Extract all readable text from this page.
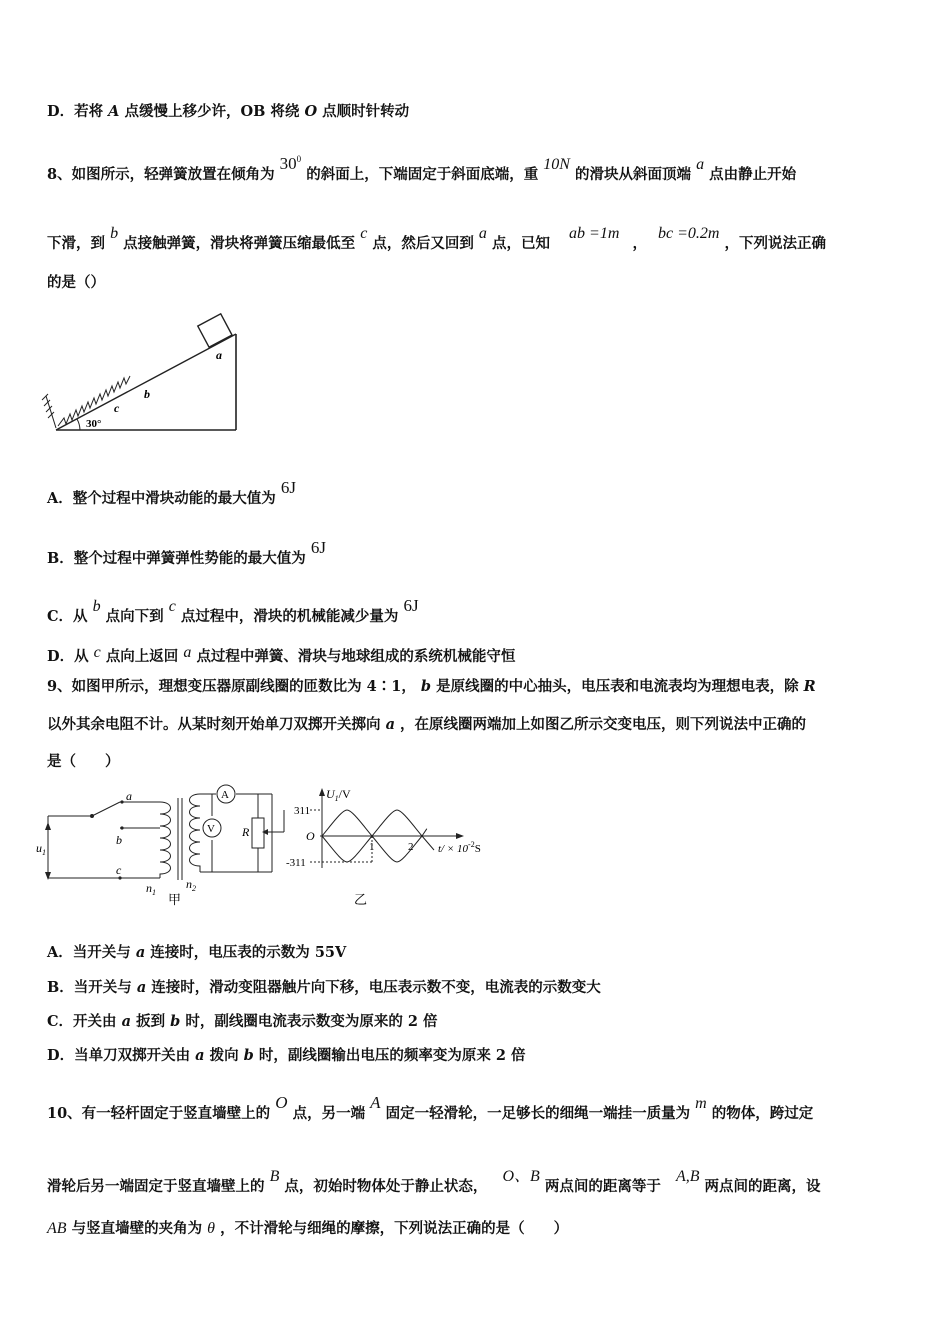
D．若将 A 点缓慢上移少许，OB 将绕 O 点顺时针转动
8、如图所示，轻弹簧放置在倾角为 $30^0$ 的斜面上，下端固定于斜面底端，重 10N 的滑块从斜面顶端 a 点由静止开始
下滑，到 b 点接触弹簧，滑块将弹簧压缩最低至 c 点，然后又回到 a 点，已知 ab =1m ， bc =0.2m ，下列说法正确
的是（）
a
b
c
30°
A．整个过程中滑块动能的最大值为 6J
B．整个过程中弹簧弹性势能的最大值为 6J
C．从 b 点向下到 c 点过程中，滑块的机械能减少量为 6J
D．从 c 点向上返回 a 点过程中弹簧、滑块与地球组成的系统机械能守恒
9、如图甲所示，理想变压器原副线圈的匝数比为 4∶1， b 是原线圈的中心抽头，电压表和电流表均为理想电表，除 R
以外其余电阻不计。从某时刻开始单刀双掷开关掷向 a ，在原线圈两端加上如图乙所示交变电压，则下列说法中正确的
是（　　）
a
b
c
$u_1$
$n_1$
$n_2$
A
V R
甲
$U_1/V$
311
O
-311
1	2 $t/ \times 10^{-2}S$
乙
A．当开关与 a 连接时，电压表的示数为 55V
B．当开关与 a 连接时，滑动变阻器触片向下移，电压表示数不变，电流表的示数变大
C．开关由 a 扳到 b 时，副线圈电流表示数变为原来的 2 倍
D．当单刀双掷开关由 a 拨向 b 时，副线圈输出电压的频率变为原来 2 倍
10、有一轻杆固定于竖直墙壁上的 O 点，另一端 A 固定一轻滑轮，一足够长的细绳一端挂一质量为 m 的物体，跨过定
滑轮后另一端固定于竖直墙壁上的 B 点，初始时物体处于静止状态， O、B 两点间的距离等于 A,B 两点间的距离，设
AB 与竖直墙壁的夹角为 θ ，不计滑轮与细绳的摩擦，下列说法正确的是（　　）
